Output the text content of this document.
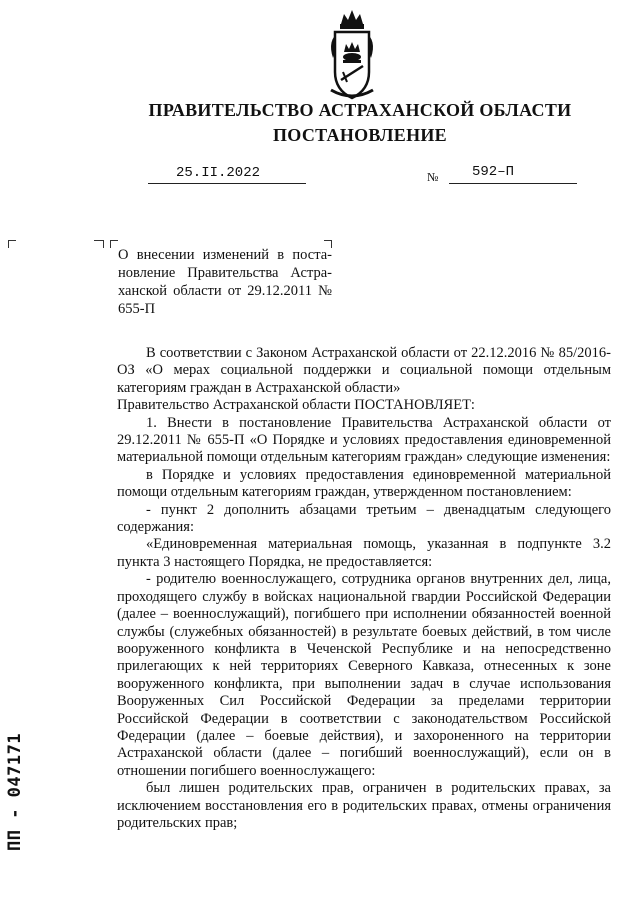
ПРАВИТЕЛЬСТВО АСТРАХАНСКОЙ ОБЛАСТИ
ПОСТАНОВЛЕНИЕ
25.II.2022	№ 592–П

О внесении изменений в поста-новление Правительства Астра-ханской области от 29.12.2011 № 655-П

В соответствии с Законом Астраханской области от 22.12.2016 № 85/2016-ОЗ «О мерах социальной поддержки и социальной помощи отдельным категориям граждан в Астраханской области»

Правительство Астраханской области ПОСТАНОВЛЯЕТ:

1. Внести в постановление Правительства Астраханской области от 29.12.2011 № 655-П «О Порядке и условиях предоставления единовременной материальной помощи отдельным категориям граждан» следующие изменения:

в Порядке и условиях предоставления единовременной материальной помощи отдельным категориям граждан, утвержденном постановлением:

- пункт 2 дополнить абзацами третьим – двенадцатым следующего содержания:

«Единовременная материальная помощь, указанная в подпункте 3.2 пункта 3 настоящего Порядка, не предоставляется:

- родителю военнослужащего, сотрудника органов внутренних дел, лица, проходящего службу в войсках национальной гвардии Российской Федерации (далее – военнослужащий), погибшего при исполнении обязанностей военной службы (служебных обязанностей) в результате боевых действий, в том числе вооруженного конфликта в Чеченской Республике и на непосредственно прилегающих к ней территориях Северного Кавказа, отнесенных к зоне вооруженного конфликта, при выполнении задач в случае использования Вооруженных Сил Российской Федерации за пределами территории Российской Федерации в соответствии с законодательством Российской Федерации (далее – боевые действия), и захороненного на территории Астраханской области (далее – погибший военнослужащий), если он в отношении погибшего военнослужащего:

был лишен родительских прав, ограничен в родительских правах, за исключением восстановления его в родительских правах, отмены ограничения родительских прав;

ПП - 047171
